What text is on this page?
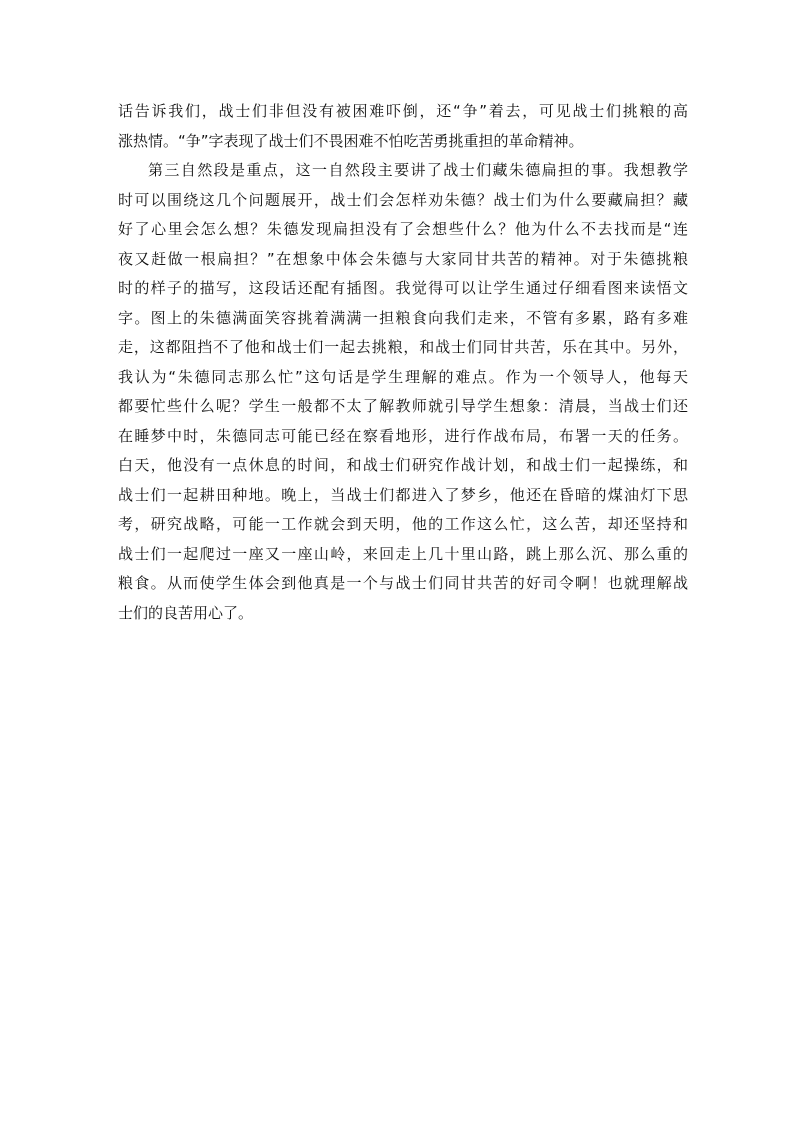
话告诉我们，战士们非但没有被困难吓倒，还“争”着去，可见战士们挑粮的高
涨热情。“争”字表现了战士们不畏困难不怕吃苦勇挑重担的革命精神。
第三自然段是重点，这一自然段主要讲了战士们藏朱德扁担的事。我想教学
时可以围绕这几个问题展开，战士们会怎样劝朱德？战士们为什么要藏扁担？藏
好了心里会怎么想？朱德发现扁担没有了会想些什么？他为什么不去找而是“连
夜又赶做一根扁担？”在想象中体会朱德与大家同甘共苦的精神。对于朱德挑粮
时的样子的描写，这段话还配有插图。我觉得可以让学生通过仔细看图来读悟文
字。图上的朱德满面笑容挑着满满一担粮食向我们走来，不管有多累，路有多难
走，这都阻挡不了他和战士们一起去挑粮，和战士们同甘共苦，乐在其中。另外，
我认为“朱德同志那么忙”这句话是学生理解的难点。作为一个领导人，他每天
都要忙些什么呢？学生一般都不太了解教师就引导学生想象：清晨，当战士们还
在睡梦中时，朱德同志可能已经在察看地形，进行作战布局，布署一天的任务。
白天，他没有一点休息的时间，和战士们研究作战计划，和战士们一起操练，和
战士们一起耕田种地。晚上，当战士们都进入了梦乡，他还在昏暗的煤油灯下思
考，研究战略，可能一工作就会到天明，他的工作这么忙，这么苦，却还坚持和
战士们一起爬过一座又一座山岭，来回走上几十里山路，跳上那么沉、那么重的
粮食。从而使学生体会到他真是一个与战士们同甘共苦的好司令啊！也就理解战
士们的良苦用心了。
